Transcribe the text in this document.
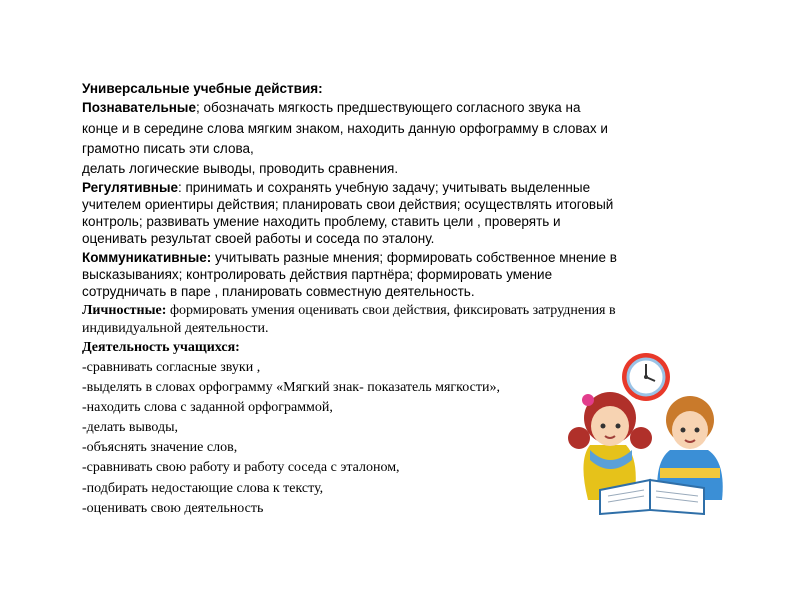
Универсальные учебные действия:
Познавательные; обозначать мягкость предшествующего согласного звука на
конце и в середине слова мягким знаком, находить данную орфограмму в словах и
грамотно писать эти слова,
делать логические выводы, проводить сравнения.
Регулятивные: принимать и сохранять учебную задачу; учитывать выделенные
учителем ориентиры действия; планировать свои действия; осуществлять итоговый
контроль; развивать умение находить проблему, ставить цели , проверять и
оценивать результат своей работы и соседа по эталону.
Коммуникативные: учитывать разные мнения; формировать собственное мнение в
высказываниях; контролировать действия партнёра; формировать умение
сотрудничать в паре , планировать совместную деятельность.
Личностные: формировать умения оценивать свои действия, фиксировать затруднения в
индивидуальной деятельности.
Деятельность учащихся:
-сравнивать согласные звуки ,
-выделять в словах орфограмму «Мягкий знак- показатель мягкости»,
-находить слова с заданной орфограммой,
-делать выводы,
-объяснять значение слов,
-сравнивать свою работу и работу соседа с эталоном,
-подбирать недостающие слова к тексту,
-оценивать свою деятельность
